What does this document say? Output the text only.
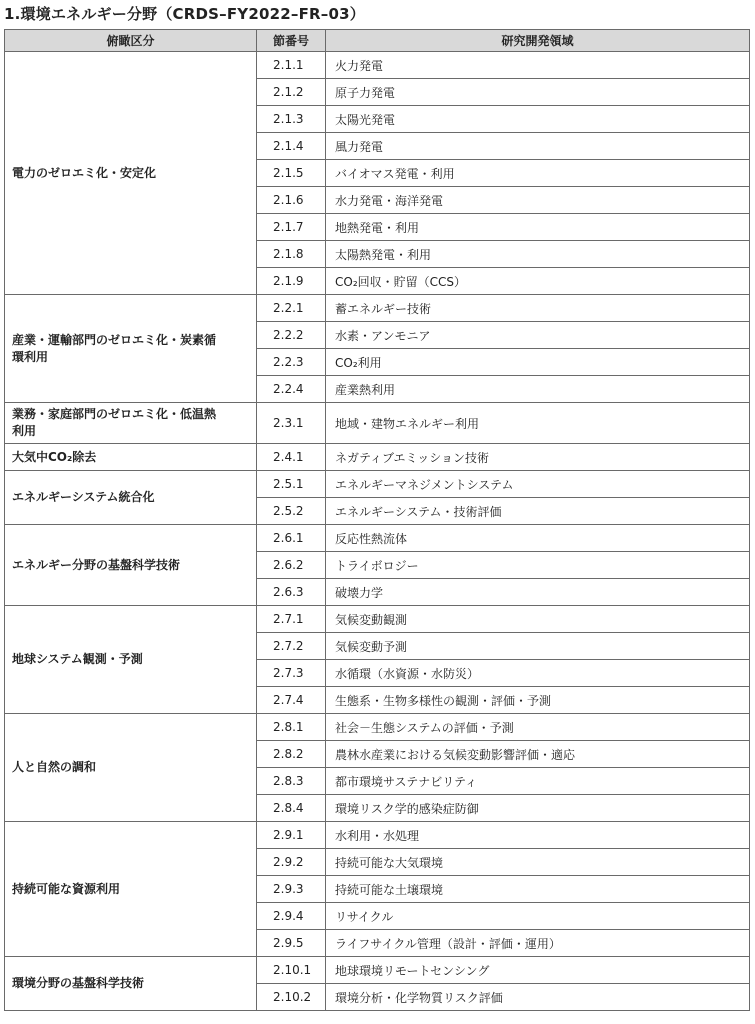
1.環境エネルギー分野（CRDS–FY2022–FR–03）
俯瞰区分	節番号	研究開発領域
電力のゼロエミ化・安定化	2.1.1	火力発電
	2.1.2	原子力発電
	2.1.3	太陽光発電
	2.1.4	風力発電
	2.1.5	バイオマス発電・利用
	2.1.6	水力発電・海洋発電
	2.1.7	地熱発電・利用
	2.1.8	太陽熱発電・利用
	2.1.9	CO₂回収・貯留（CCS）
産業・運輸部門のゼロエミ化・炭素循環利用	2.2.1	蓄エネルギー技術
	2.2.2	水素・アンモニア
	2.2.3	CO₂利用
	2.2.4	産業熱利用
業務・家庭部門のゼロエミ化・低温熱利用	2.3.1	地域・建物エネルギー利用
大気中CO₂除去	2.4.1	ネガティブエミッション技術
エネルギーシステム統合化	2.5.1	エネルギーマネジメントシステム
	2.5.2	エネルギーシステム・技術評価
エネルギー分野の基盤科学技術	2.6.1	反応性熱流体
	2.6.2	トライボロジー
	2.6.3	破壊力学
地球システム観測・予測	2.7.1	気候変動観測
	2.7.2	気候変動予測
	2.7.3	水循環（水資源・水防災）
	2.7.4	生態系・生物多様性の観測・評価・予測
人と自然の調和	2.8.1	社会－生態システムの評価・予測
	2.8.2	農林水産業における気候変動影響評価・適応
	2.8.3	都市環境サステナビリティ
	2.8.4	環境リスク学的感染症防御
持続可能な資源利用	2.9.1	水利用・水処理
	2.9.2	持続可能な大気環境
	2.9.3	持続可能な土壌環境
	2.9.4	リサイクル
	2.9.5	ライフサイクル管理（設計・評価・運用）
環境分野の基盤科学技術	2.10.1	地球環境リモートセンシング
	2.10.2	環境分析・化学物質リスク評価
